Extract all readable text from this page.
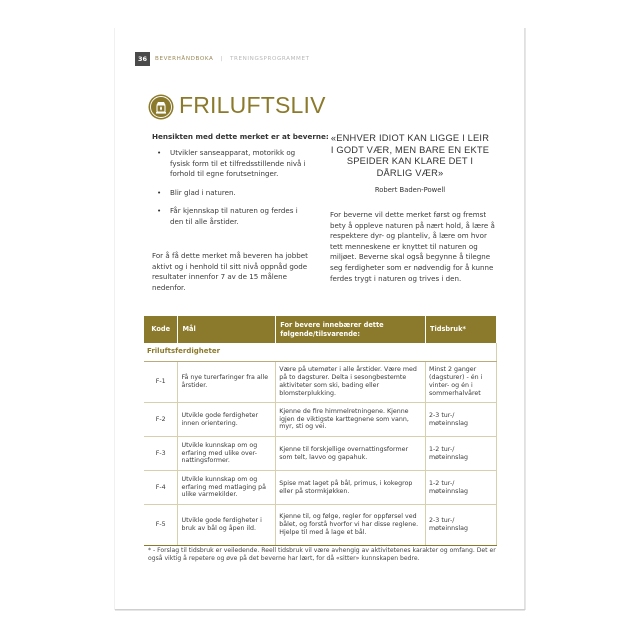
36	BEVERHÅNDBOKA | TRENINGSPROGRAMMET
FRILUFTSLIV
Hensikten med dette merket er at beverne:
• Utvikler sanseapparat, motorikk og fysisk form til et tilfredsstillende nivå i forhold til egne forutsetninger.
• Blir glad i naturen.
• Får kjennskap til naturen og ferdes i den til alle årstider.
For å få dette merket må beveren ha jobbet aktivt og i henhold til sitt nivå oppnåd gode resultater innenfor 7 av de 15 målene nedenfor.
«ENHVER IDIOT KAN LIGGE I LEIR I GODT VÆR, MEN BARE EN EKTE SPEIDER KAN KLARE DET I DÅRLIG VÆR»
Robert Baden-Powell
For beverne vil dette merket først og fremst bety å oppleve naturen på nært hold, å lære å respektere dyr- og planteliv, å lære om hvor tett menneskene er knyttet til naturen og miljøet. Beverne skal også begynne å tilegne seg ferdigheter som er nødvendig for å kunne ferdes trygt i naturen og trives i den.
Kode	Mål	For bevere innebærer dette følgende/tilsvarende:	Tidsbruk*
Friluftsferdigheter			
F-1	Få nye turerfaringer fra alle årstider.	Være på utemøter i alle årstider. Være med på to dagsturer. Delta i sesongbestemte aktiviteter som ski, bading eller blomsterplukking.	Minst 2 ganger (dagsturer) - én i vinter- og én i sommerhalvåret
F-2	Utvikle gode ferdigheter innen orientering.	Kjenne de fire himmelretningene. Kjenne igjen de viktigste karttegnene som vann, myr, sti og vei.	2-3 tur-/ møteinnslag
F-3	Utvikle kunnskap om og erfaring med ulike over- nattingsformer.	Kjenne til forskjellige overnattingsformer som telt, lavvo og gapahuk.	1-2 tur-/ møteinnslag
F-4	Utvikle kunnskap om og erfaring med matlaging på ulike varmekilder.	Spise mat laget på bål, primus, i kokegrop eller på stormkjøkken.	1-2 tur-/ møteinnslag
F-5	Utvikle gode ferdigheter i bruk av bål og åpen ild.	Kjenne til, og følge, regler for oppførsel ved bålet, og forstå hvorfor vi har disse reglene. Hjelpe til med å lage et bål.	2-3 tur-/ møteinnslag
* - Forslag til tidsbruk er veiledende. Reell tidsbruk vil være avhengig av aktivitetenes karakter og omfang. Det er også viktig å repetere og øve på det beverne har lært, for då «sitter» kunnskapen bedre.
